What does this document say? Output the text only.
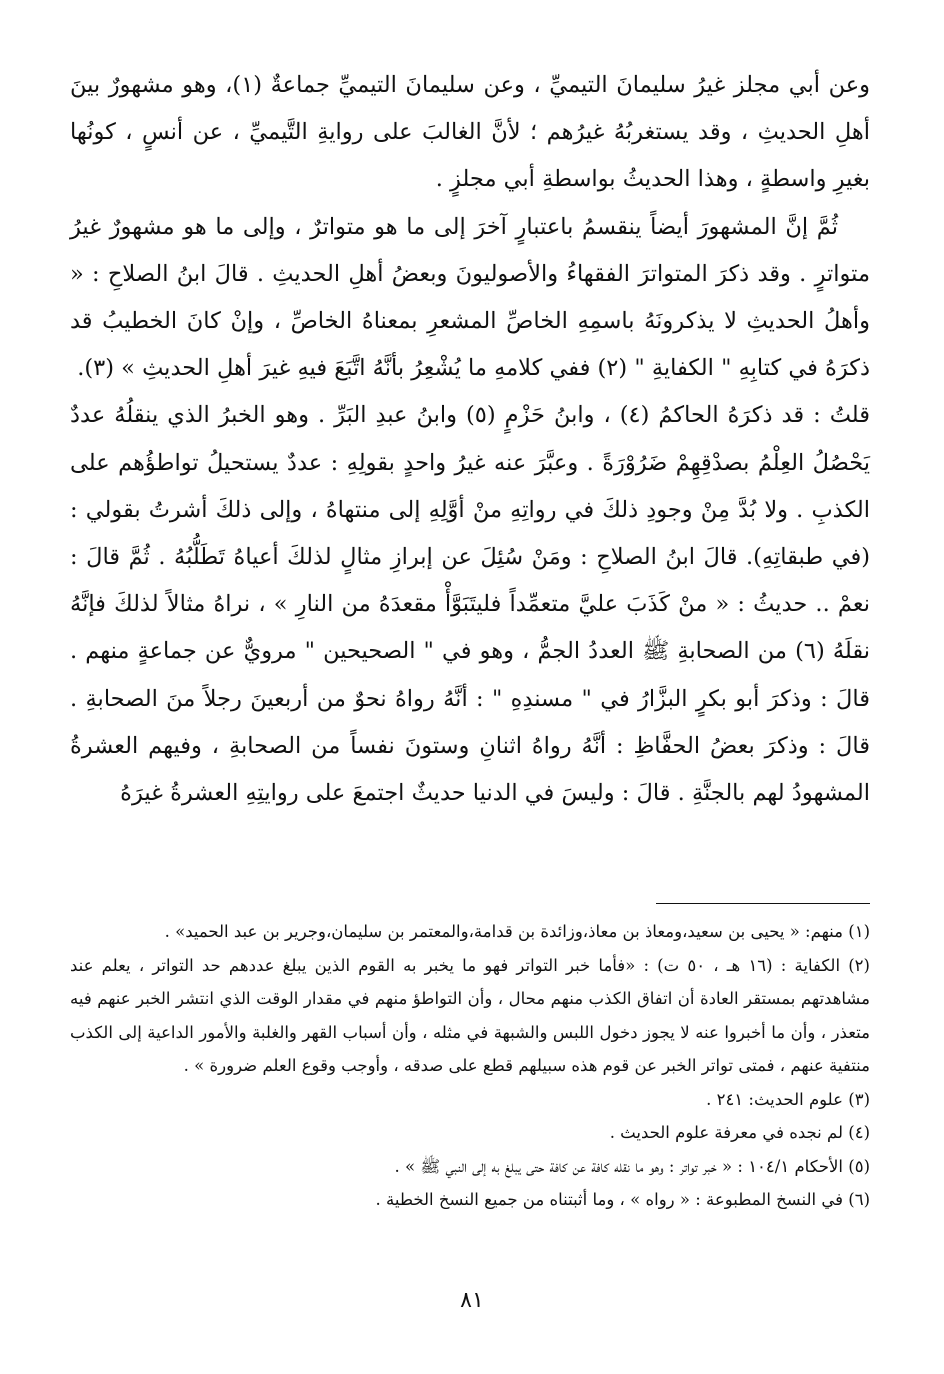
وعن أبي مجلز غيرُ سليمانَ التيميِّ ، وعن سليمانَ التيميِّ جماعةٌ (١)، وهو مشهورٌ بينَ أهلِ الحديثِ ، وقد يستغربُهُ غيرُهم ؛ لأنَّ الغالبَ على روايةِ التَّيميِّ ، عن أنسٍ ، كونُها بغيرِ واسطةٍ ، وهذا الحديثُ بواسطةِ أبي مجلزٍ .

ثُمَّ إنَّ المشهورَ أيضاً ينقسمُ باعتبارٍ آخرَ إلى ما هو متواترٌ ، وإلى ما هو مشهورٌ غيرُ متواترٍ . وقد ذكرَ المتواترَ الفقهاءُ والأصوليونَ وبعضُ أهلِ الحديثِ . قالَ ابنُ الصلاحِ : « وأهلُ الحديثِ لا يذكرونَهُ باسمِهِ الخاصِّ المشعرِ بمعناهُ الخاصِّ ، وإنْ كانَ الخطيبُ قد ذكرَهُ في كتابِهِ " الكفايةِ " (٢) ففي كلامهِ ما يُشْعِرُ بأنَّهُ اتَّبَعَ فيهِ غيرَ أهلِ الحديثِ » (٣).

قلتُ : قد ذكرَهُ الحاكمُ (٤) ، وابنُ حَزْمٍ (٥) وابنُ عبدِ البَرِّ . وهو الخبرُ الذي ينقلُهُ عددٌ يَحْصُلُ العِلْمُ بصدْقِهِمْ ضَرُوْرَةً . وعبَّرَ عنه غيرُ واحدٍ بقولِهِ : عددٌ يستحيلُ تواطؤُهم على الكذبِ . ولا بُدَّ مِنْ وجودِ ذلكَ في رواتِهِ منْ أوَّلِهِ إلى منتهاهُ ، وإلى ذلكَ أشرتُ بقولي : (في طبقاتِهِ). قالَ ابنُ الصلاحِ : ومَنْ سُئِلَ عن إبرازِ مثالٍ لذلكَ أعياهُ تَطَلُّبُهُ . ثُمَّ قالَ : نعمْ .. حديثُ : « منْ كَذَبَ عليَّ متعمِّداً فليتَبَوَّأْ مقعدَهُ من النارِ » ، نراهُ مثالاً لذلكَ فإنَّهُ نقلَهُ (٦) من الصحابةِ ﷺ العددُ الجمُّ ، وهو في " الصحيحين " مرويٌّ عن جماعةٍ منهم . قالَ : وذكرَ أبو بكرٍ البزَّارُ في " مسندِهِ " : أنَّهُ رواهُ نحوٌ من أربعينَ رجلاً منَ الصحابةِ . قالَ : وذكرَ بعضُ الحفَّاظِ : أنَّهُ رواهُ اثنانِ وستونَ نفساً من الصحابةِ ، وفيهم العشرةُ المشهودُ لهم بالجنَّةِ . قالَ : وليسَ في الدنيا حديثٌ اجتمعَ على روايتِهِ العشرةُ غيرَهُ

(١) منهم: « يحيى بن سعيد،ومعاذ بن معاذ،وزائدة بن قدامة،والمعتمر بن سليمان،وجرير بن عبد الحميد» .

(٢) الكفاية : (١٦ هـ ، ٥٠ ت) : «فأما خبر التواتر فهو ما يخبر به القوم الذين يبلغ عددهم حد التواتر ، يعلم عند مشاهدتهم بمستقر العادة أن اتفاق الكذب منهم محال ، وأن التواطؤ منهم في مقدار الوقت الذي انتشر الخبر عنهم فيه متعذر ، وأن ما أخبروا عنه لا يجوز دخول اللبس والشبهة في مثله ، وأن أسباب القهر والغلبة والأمور الداعية إلى الكذب منتفية عنهم ، فمتى تواتر الخبر عن قوم هذه سبيلهم قطع على صدقه ، وأوجب وقوع العلم ضرورة » .

(٣) علوم الحديث: ٢٤١ .

(٤) لم نجده في معرفة علوم الحديث .

(٥) الأحكام ١٠٤/١ : « خبر تواتر : وهو ما نقله كافة عن كافة حتى يبلغ به إلى النبي ﷺ » .

(٦) في النسخ المطبوعة : « رواه » ، وما أثبتناه من جميع النسخ الخطية .

٨١
